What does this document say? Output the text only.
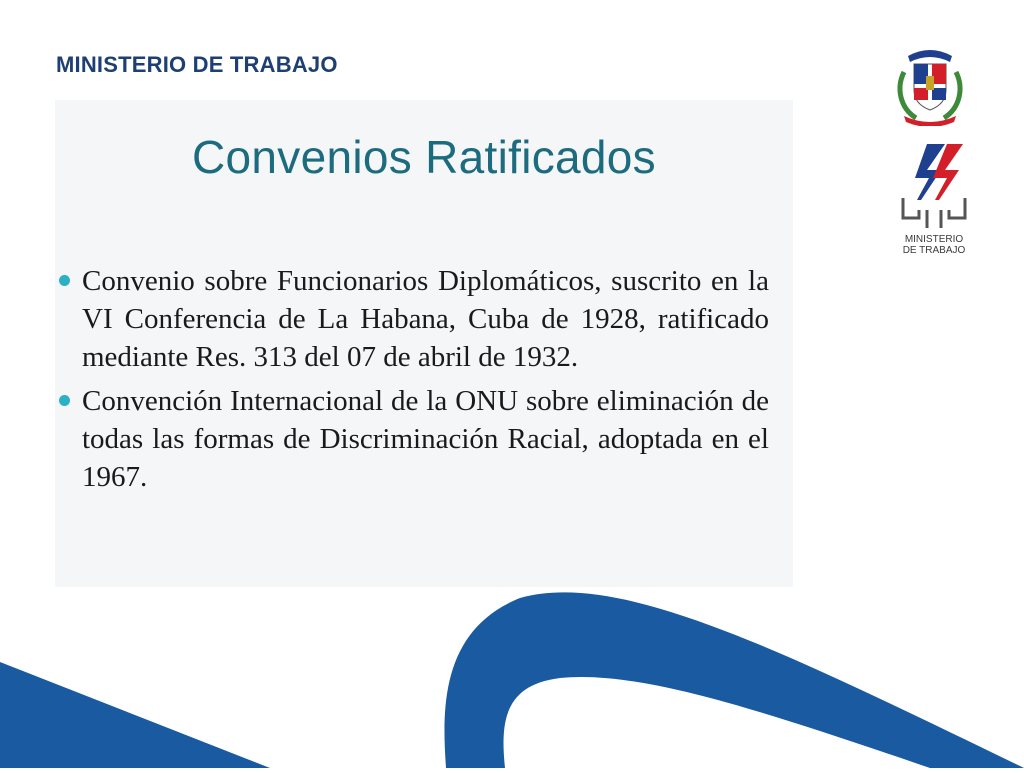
MINISTERIO DE TRABAJO
MINISTERIO
DE TRABAJO
Convenios Ratificados
Convenio sobre Funcionarios Diplomáticos, suscrito en la VI Conferencia de La Habana, Cuba de 1928, ratificado mediante Res. 313 del 07 de abril de 1932.
Convención Internacional de la ONU sobre eliminación de todas las formas de Discriminación Racial, adoptada en el 1967.
